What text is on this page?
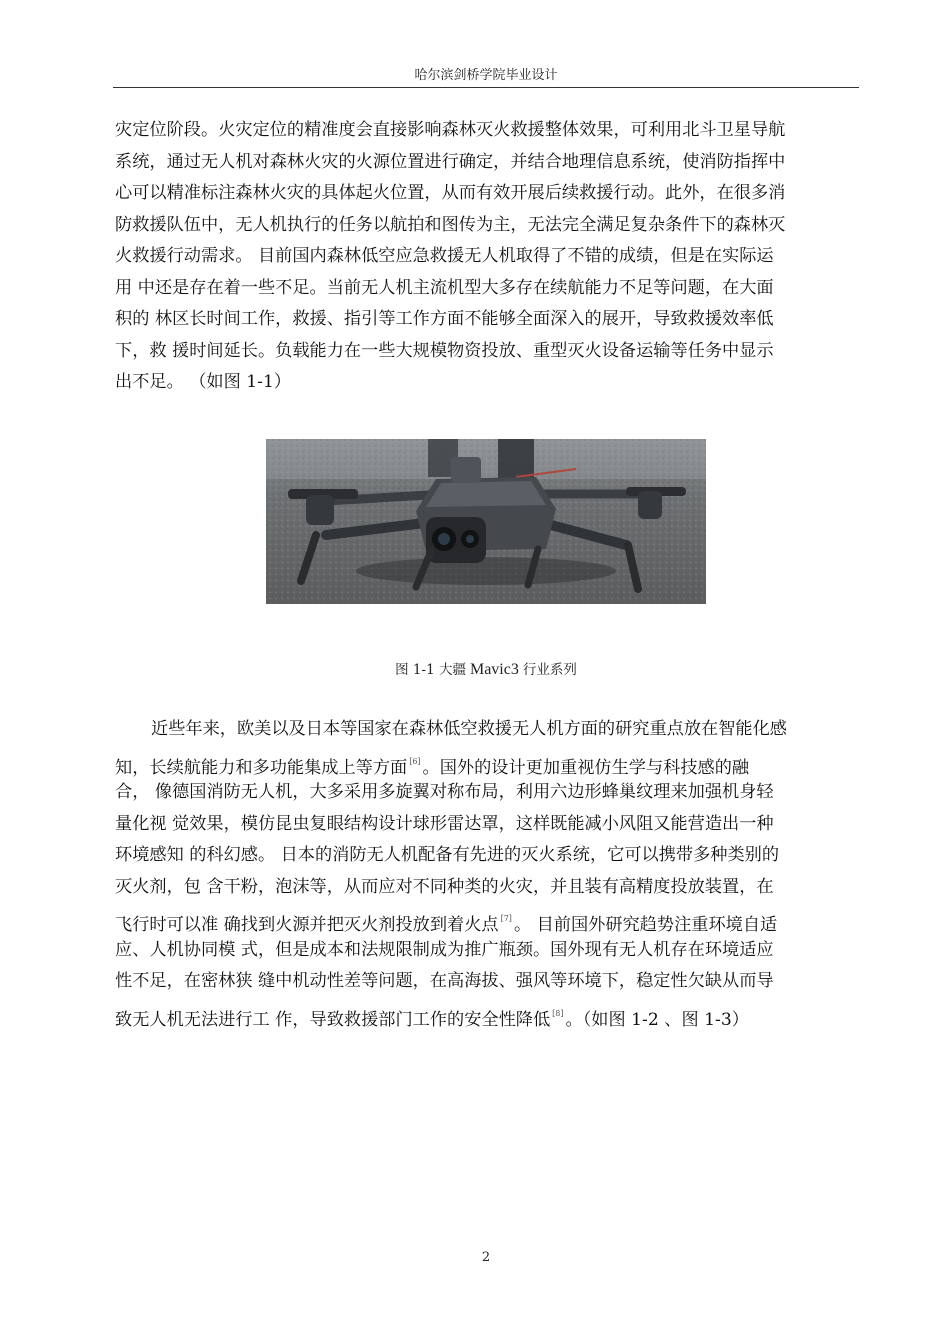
哈尔滨剑桥学院毕业设计
灾定位阶段。火灾定位的精准度会直接影响森林灭火救援整体效果，可利用北斗卫星导航
系统，通过无人机对森林火灾的火源位置进行确定，并结合地理信息系统，使消防指挥中
心可以精准标注森林火灾的具体起火位置，从而有效开展后续救援行动。此外，在很多消
防救援队伍中，无人机执行的任务以航拍和图传为主，无法完全满足复杂条件下的森林灭
火救援行动需求。 目前国内森林低空应急救援无人机取得了不错的成绩，但是在实际运
用 中还是存在着一些不足。当前无人机主流机型大多存在续航能力不足等问题，在大面
积的 林区长时间工作，救援、指引等工作方面不能够全面深入的展开，导致救援效率低
下，救 援时间延长。负载能力在一些大规模物资投放、重型灭火设备运输等任务中显示
出不足。 （如图 1-1）
图 1-1 大疆 Mavic3 行业系列
近些年来，欧美以及日本等国家在森林低空救援无人机方面的研究重点放在智能化感
知，长续航能力和多功能集成上等方面 [6] 。国外的设计更加重视仿生学与科技感的融
合， 像德国消防无人机，大多采用多旋翼对称布局，利用六边形蜂巢纹理来加强机身轻
量化视 觉效果，模仿昆虫复眼结构设计球形雷达罩，这样既能减小风阻又能营造出一种
环境感知 的科幻感。 日本的消防无人机配备有先进的灭火系统，它可以携带多种类别的
灭火剂，包 含干粉，泡沫等，从而应对不同种类的火灾，并且装有高精度投放装置，在
飞行时可以准 确找到火源并把灭火剂投放到着火点 [7] 。 目前国外研究趋势注重环境自适
应、人机协同模 式，但是成本和法规限制成为推广瓶颈。国外现有无人机存在环境适应
性不足，在密林狭 缝中机动性差等问题，在高海拔、强风等环境下，稳定性欠缺从而导
致无人机无法进行工 作，导致救援部门工作的安全性降低 [8] 。（如图 1-2 、图 1-3）
2
